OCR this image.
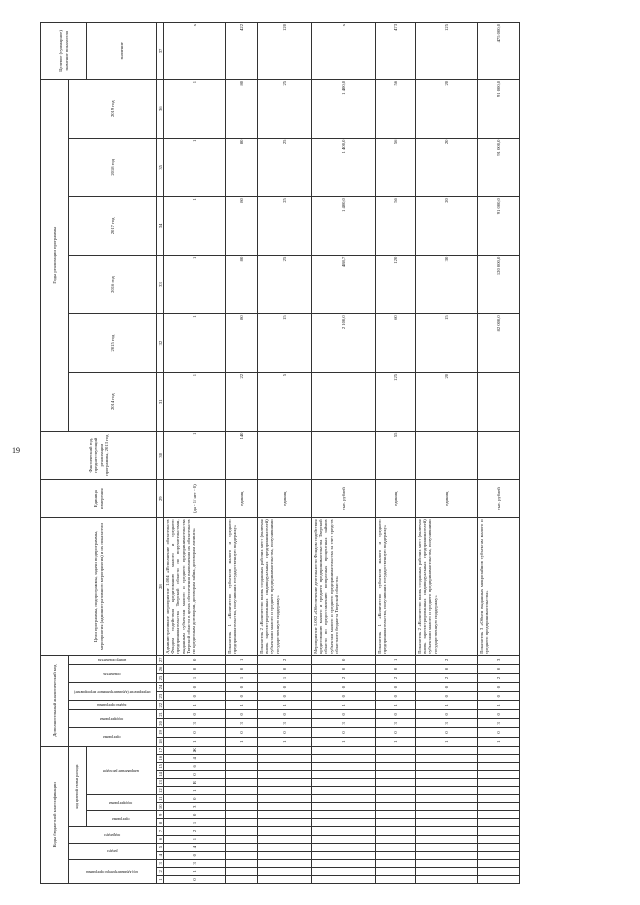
19
Коды бюджетной классификации																	Дополнительный аналитический код										Цели программы, подпрограммы, задачи подпрограммы, мероприятия (административного мероприятия) и их показатели	Единица измерения	Фактический год, предшествующий реализации программы, 2013 год	Годы реализации программы						Целевое (суммарное) значение показателя
код администратора программы			раздел		подраздел		код целевой статьи расхода										программа		подпрограмма		задача программы	мероприятие (административное мероприятие)		показатель		номер показателя				2014 год	2015 год	2016 год	2017 год	2018 год	2019 год	
							программа		подпрограмма		направление расходов																									значение
1	2	3	4	5	6	7	8	9	10	11	12	13	14	15	16	17	18	19	20	21	22	23	24	25	26	27	28	29	30	31	32	33	34	35	36	37
0	1	3	0	4	1	2	1	0	3	0	1	R	0	6	4	Ж	1	0	3	0	1	0	0	1	0	0	Административное мероприятие 1.004 «Исполнение обязательств Фондом содействия кредитованию малого и среднего предпринимательства Тверской области по поручительствам, выданным субъектам малого и среднего предпринимательства Тверской области в целях обеспечения выполнения их обязательств по кредитным договорам, договорам займа, договорам лизинга»	(да - 1/ нет - 0)	1	1	1	1	1	1	1	x
																	1	0	3	0	1	0	0	1	0	1	Показатель 1 «Количество субъектов малого и среднего предпринимательства, получивших государственную поддержку»	единиц	140	22	80	80	80	80	80	422
																	1	0	3	0	1	0	0	1	0	2	Показатель 2 «Количество вновь созданных рабочих мест (включая вновь зарегистрированных индивидуальных предпринимателей) субъектами малого и среднего предпринимательства, получившими государственную поддержку»	единиц		5	15	25	25	25	25	120
																	1	0	3	0	1	0	0	2	0	0	Мероприятие 1.002 «Обеспечение деятельности Фондом содействия кредитованию малого и среднего предпринимательства Тверской области по предоставлению возвратных процентных займов субъектам малого и среднего предпринимательства за счет средств областного бюджета Тверской области»	тыс. рублей			2 100,0	488,7	1 400,0	1 400,0	1 400,0	x
																	1	0	3	0	1	0	0	2	0	1	Показатель 1 «Количество субъектов малого и среднего предпринимательства, получивших государственную поддержку»	единиц	55	125	60	120	56	56	56	473
																	1	0	3	0	1	0	0	2	0	2	Показатель 2 «Количество вновь созданных рабочих мест (включая вновь зарегистрированных индивидуальных предпринимателей) субъектами малого и среднего предпринимательства, получившими государственную поддержку»	единиц		20	15	30	20	20	20	125
																	1	0	3	0	1	0	0	2	0	3	Показатель 3 «Объем выданных микрозаймов субъектам малого и среднего предпринимательства»	тыс. рублей			82 000,0	120 000,0	91 000,0	91 000,0	91 000,0	475 000,0
